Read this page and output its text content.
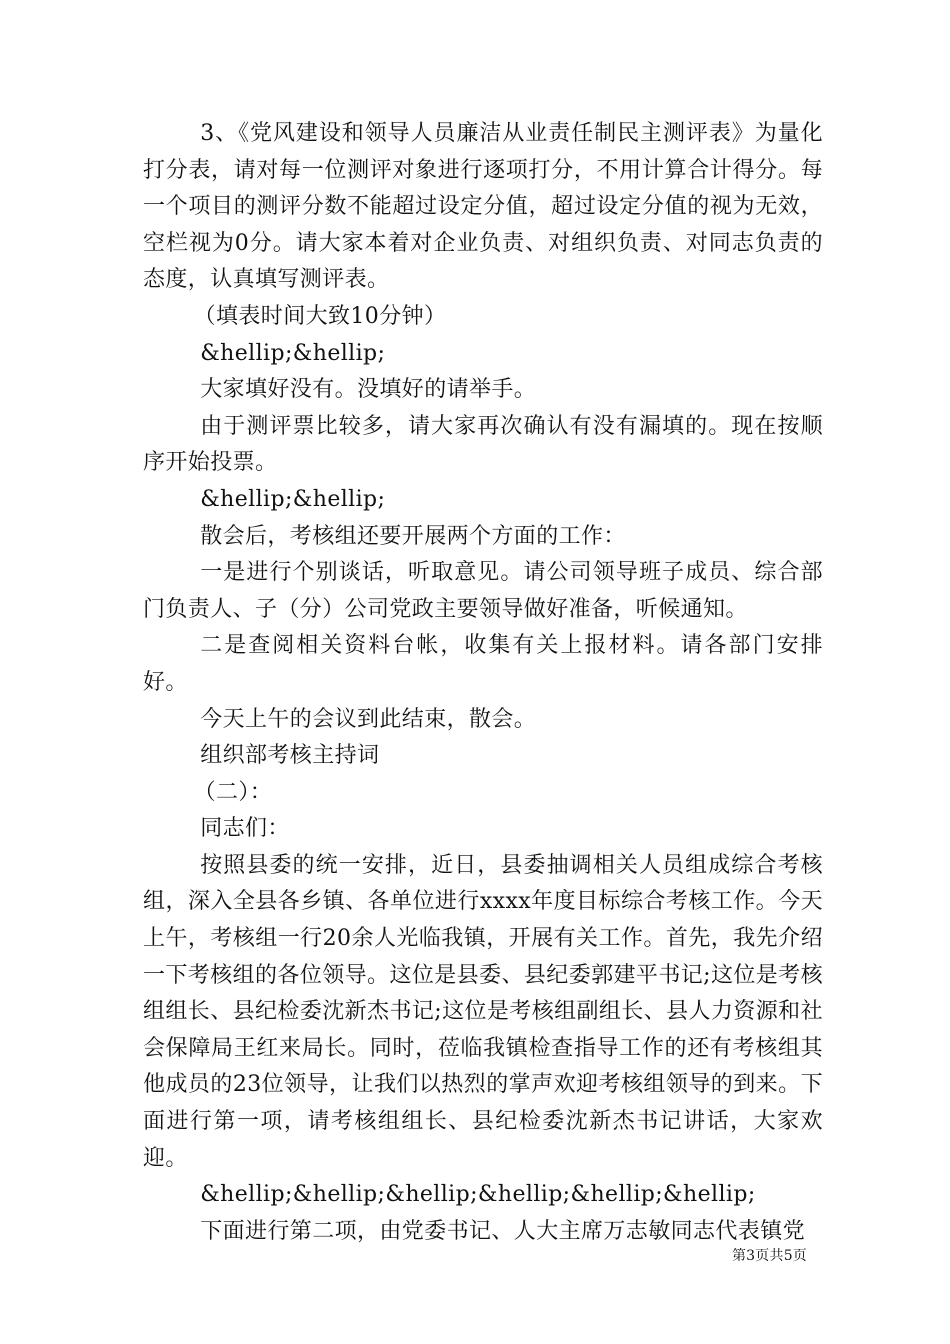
3、《党风建设和领导人员廉洁从业责任制民主测评表》为量化打分表，请对每一位测评对象进行逐项打分，不用计算合计得分。每一个项目的测评分数不能超过设定分值，超过设定分值的视为无效，空栏视为0分。请大家本着对企业负责、对组织负责、对同志负责的态度，认真填写测评表。

（填表时间大致10分钟）

&hellip;&hellip;

大家填好没有。没填好的请举手。

由于测评票比较多，请大家再次确认有没有漏填的。现在按顺序开始投票。

&hellip;&hellip;

散会后，考核组还要开展两个方面的工作：

一是进行个别谈话，听取意见。请公司领导班子成员、综合部门负责人、子（分）公司党政主要领导做好准备，听候通知。

二是查阅相关资料台帐，收集有关上报材料。请各部门安排好。

今天上午的会议到此结束，散会。

组织部考核主持词

（二）：

同志们：

按照县委的统一安排，近日，县委抽调相关人员组成综合考核组，深入全县各乡镇、各单位进行xxxx年度目标综合考核工作。今天上午，考核组一行20余人光临我镇，开展有关工作。首先，我先介绍一下考核组的各位领导。这位是县委、县纪委郭建平书记;这位是考核组组长、县纪检委沈新杰书记;这位是考核组副组长、县人力资源和社会保障局王红来局长。同时，莅临我镇检查指导工作的还有考核组其他成员的23位领导，让我们以热烈的掌声欢迎考核组领导的到来。下面进行第一项，请考核组组长、县纪检委沈新杰书记讲话，大家欢迎。

&hellip;&hellip;&hellip;&hellip;&hellip;&hellip;

下面进行第二项，由党委书记、人大主席万志敏同志代表镇党

第3页共5页
